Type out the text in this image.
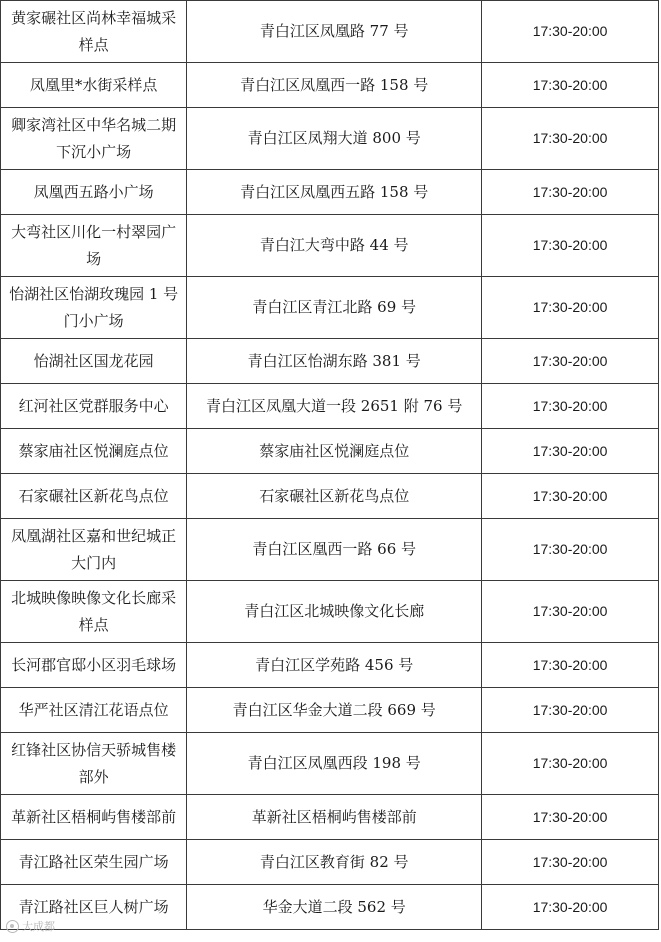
黄家碾社区尚林幸福城采样点	青白江区凤凰路 77 号	17:30-20:00
凤凰里*水街采样点	青白江区凤凰西一路 158 号	17:30-20:00
卿家湾社区中华名城二期下沉小广场	青白江区凤翔大道 800 号	17:30-20:00
凤凰西五路小广场	青白江区凤凰西五路 158 号	17:30-20:00
大弯社区川化一村翠园广场	青白江大弯中路 44 号	17:30-20:00
怡湖社区怡湖玫瑰园 1 号门小广场	青白江区青江北路 69 号	17:30-20:00
怡湖社区国龙花园	青白江区怡湖东路 381 号	17:30-20:00
红河社区党群服务中心	青白江区凤凰大道一段 2651 附 76 号	17:30-20:00
蔡家庙社区悦澜庭点位	蔡家庙社区悦澜庭点位	17:30-20:00
石家碾社区新花鸟点位	石家碾社区新花鸟点位	17:30-20:00
凤凰湖社区嘉和世纪城正大门内	青白江区凰西一路 66 号	17:30-20:00
北城映像映像文化长廊采样点	青白江区北城映像文化长廊	17:30-20:00
长河郡官邸小区羽毛球场	青白江区学苑路 456 号	17:30-20:00
华严社区清江花语点位	青白江区华金大道二段 669 号	17:30-20:00
红锋社区协信天骄城售楼部外	青白江区凤凰西段 198 号	17:30-20:00
革新社区梧桐屿售楼部前	革新社区梧桐屿售楼部前	17:30-20:00
青江路社区荣生园广场	青白江区教育街 82 号	17:30-20:00
青江路社区巨人树广场	华金大道二段 562 号	17:30-20:00
大成都
